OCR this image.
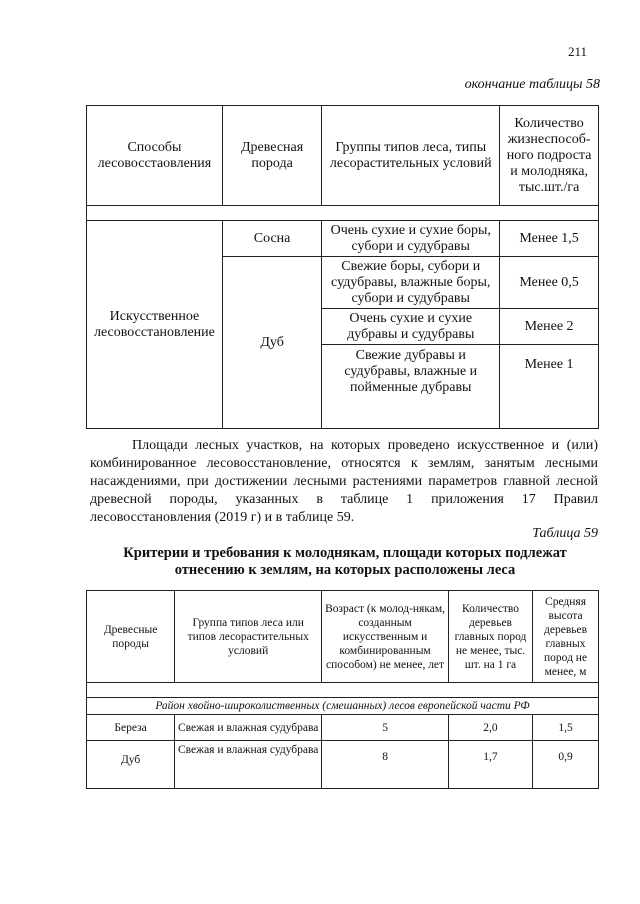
211
окончание таблицы 58
Способы лесовосстаовления	Древесная порода	Группы типов леса, типы лесорастительных условий	Количество жизнеспособ-ного подроста и молодняка, тыс.шт./га

Искусственное лесовосстановление	Сосна	Очень сухие и сухие боры, субори и судубравы	Менее 1,5
	Дуб	Свежие боры, субори и судубравы, влажные боры, субори и судубравы	Менее 0,5
		Очень сухие и сухие дубравы и судубравы	Менее 2
		Свежие дубравы и судубравы, влажные и пойменные дубравы	Менее 1

Площади лесных участков, на которых проведено искусственное и (или) комбинированное лесовосстановление, относятся к землям, занятым лесными насаждениями, при достижении лесными растениями параметров главной лесной древесной породы, указанных в таблице 1 приложения 17 Правил лесовосстановления (2019 г) и в таблице 59.

Таблица 59
Критерии и требования к молоднякам, площади которых подлежат отнесению к землям, на которых расположены леса
Древесные породы	Группа типов леса или типов лесорастительных условий	Возраст (к молод-някам, созданным искусственным и комбинированным способом) не менее, лет	Количество деревьев главных пород не менее, тыс. шт. на 1 га	Средняя высота деревьев главных пород не менее, м

Район хвойно-широколиственных (смешанных) лесов европейской части РФ				
Береза	Свежая и влажная судубрава	5	2,0	1,5
Дуб	Свежая и влажная судубрава	8	1,7	0,9
